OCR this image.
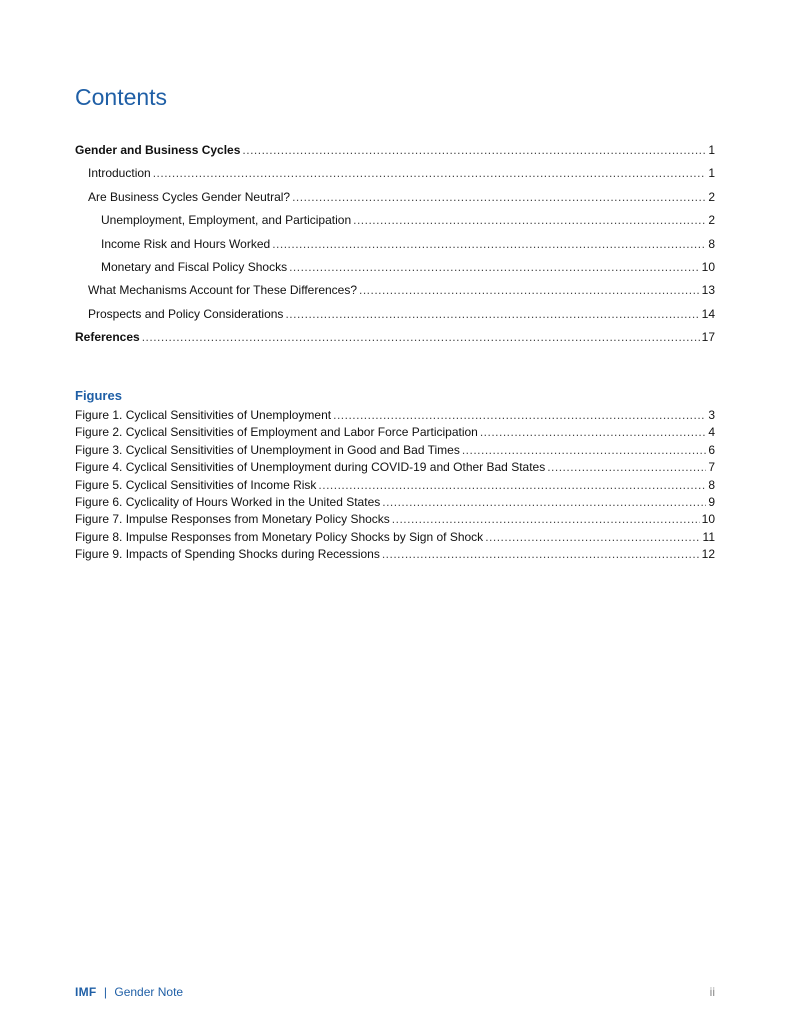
Contents
Gender and Business Cycles .....	1
Introduction .....	1
Are Business Cycles Gender Neutral? .....	2
Unemployment, Employment, and Participation .....	2
Income Risk and Hours Worked .....	8
Monetary and Fiscal Policy Shocks .....	10
What Mechanisms Account for These Differences? .....	13
Prospects and Policy Considerations .....	14
References .....	17
Figures
Figure 1. Cyclical Sensitivities of Unemployment .....	3
Figure 2. Cyclical Sensitivities of Employment and Labor Force Participation .....	4
Figure 3. Cyclical Sensitivities of Unemployment in Good and Bad Times .....	6
Figure 4. Cyclical Sensitivities of Unemployment during COVID-19 and Other Bad States .....	7
Figure 5. Cyclical Sensitivities of Income Risk .....	8
Figure 6. Cyclicality of Hours Worked in the United States .....	9
Figure 7. Impulse Responses from Monetary Policy Shocks .....	10
Figure 8. Impulse Responses from Monetary Policy Shocks by Sign of Shock .....	11
Figure 9. Impacts of Spending Shocks during Recessions .....	12
IMF | Gender Note	ii
